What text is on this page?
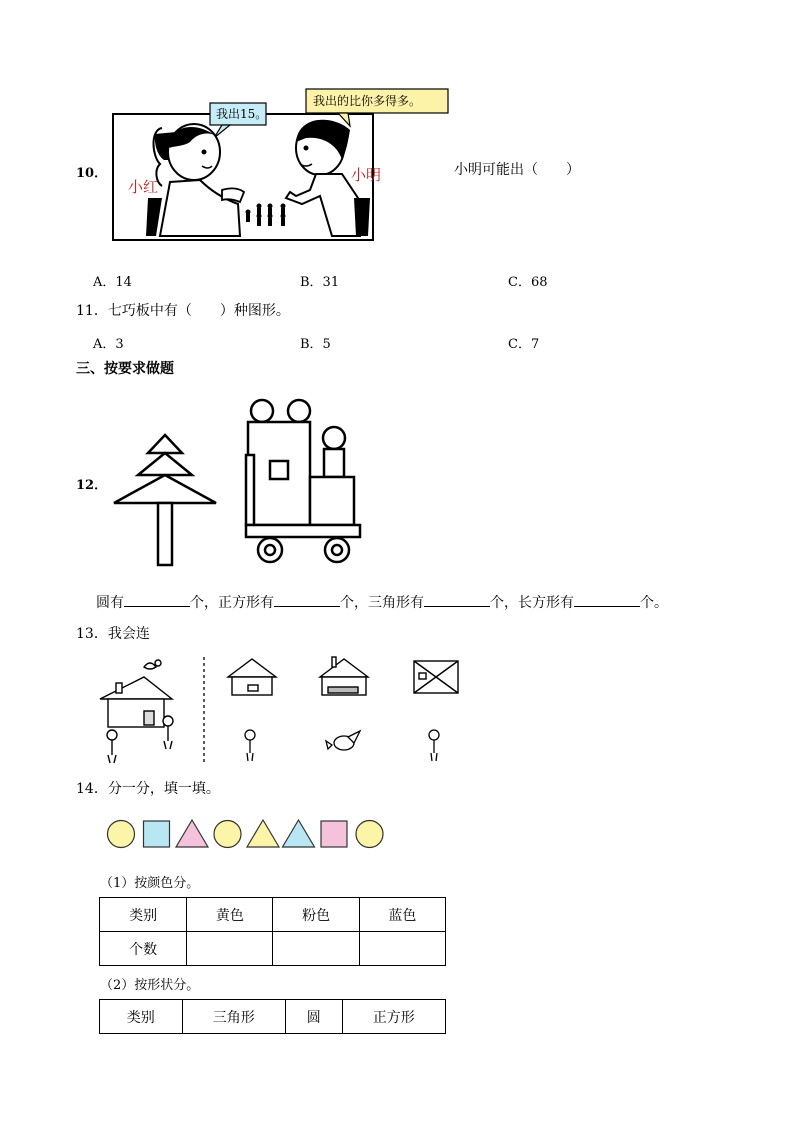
10．
我出15。
我出的比你多得多。
小红
小明	小明可能出（　　）
A．14	B．31	C．68
11．七巧板中有（　　）种图形。
A．3	B．5	C．7
三、按要求做题
12．
圆有	个，正方形有	个，三角形有	个，长方形有	个。
13．我会连
14．分一分，填一填。
（1）按颜色分。
类别	黄色	粉色	蓝色
个数			
（2）按形状分。
类别	三角形	圆	正方形
